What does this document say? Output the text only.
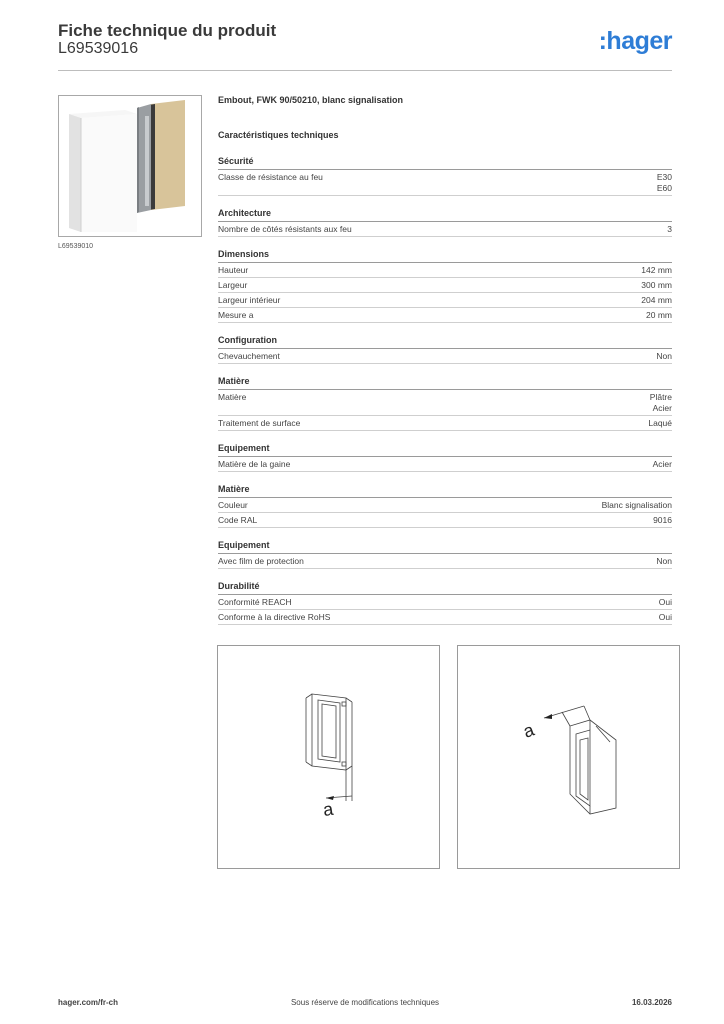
Fiche technique du produit
L69539016	:hager
L69539010
Embout, FWK 90/50210, blanc signalisation
Caractéristiques techniques
Sécurité
Classe de résistance au feu	E30
E60
Architecture
Nombre de côtés résistants aux feu	3
Dimensions
Hauteur	142 mm
Largeur	300 mm
Largeur intérieur	204 mm
Mesure a	20 mm
Configuration
Chevauchement	Non
Matière
Matière	Plâtre
Acier
Traitement de surface	Laqué
Equipement
Matière de la gaine	Acier
Matière
Couleur	Blanc signalisation
Code RAL	9016
Equipement
Avec film de protection	Non
Durabilité
Conformité REACH	Oui
Conforme à la directive RoHS	Oui
a
a
hager.com/fr-ch	Sous réserve de modifications techniques	16.03.2026
